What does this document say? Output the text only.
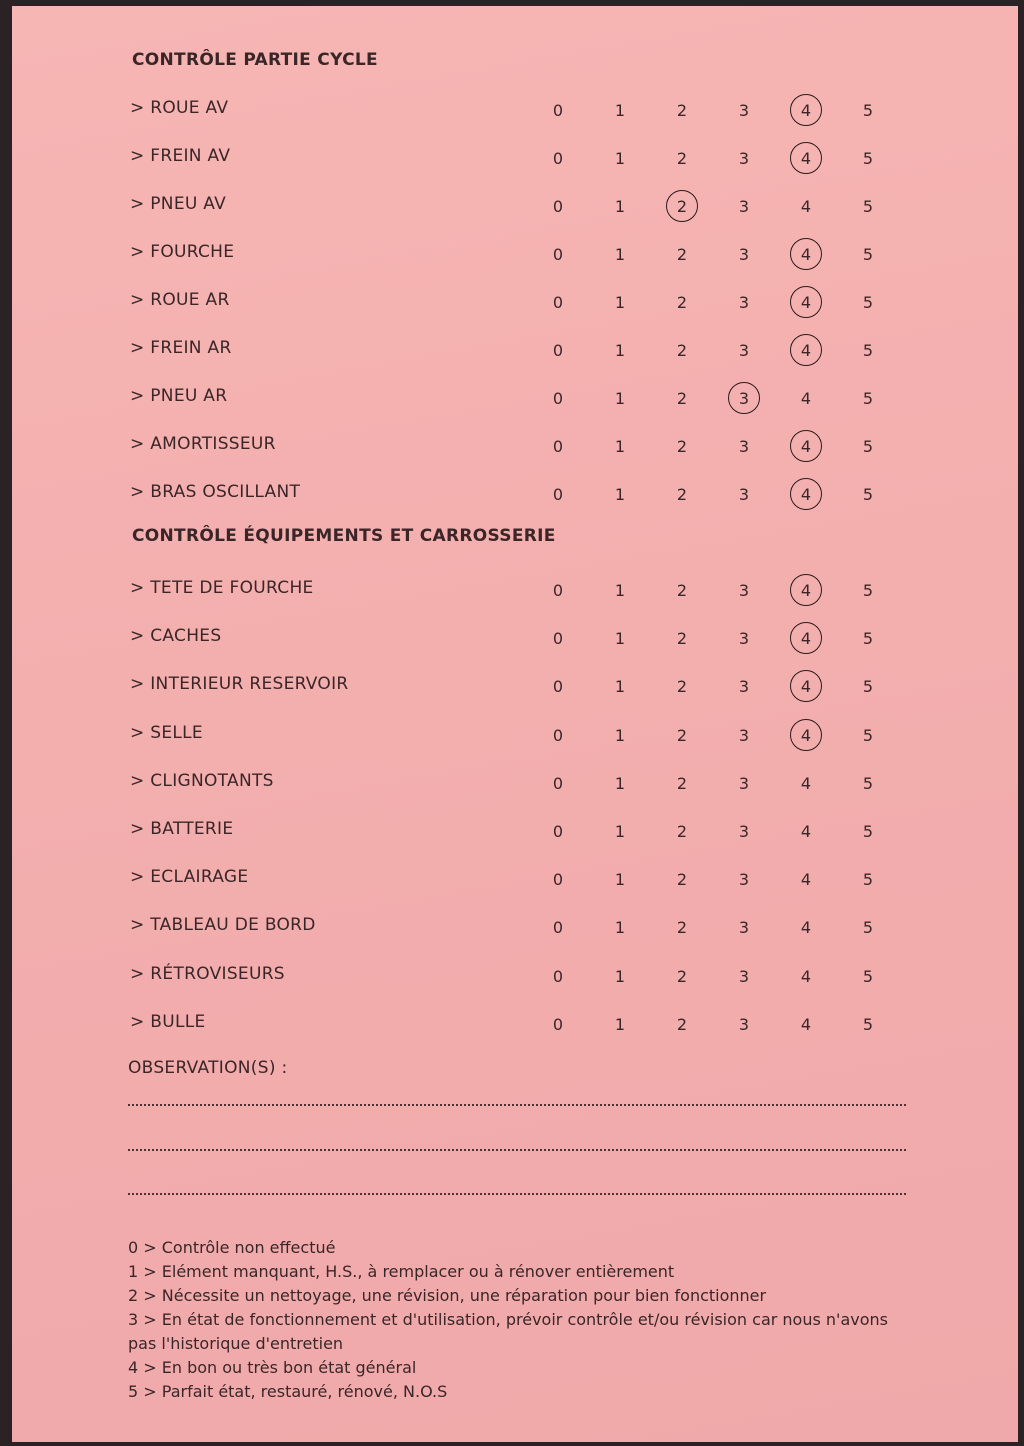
CONTRÔLE PARTIE CYCLE
> ROUE AV	0	1	2	3	4	5
> FREIN AV	0	1	2	3	4	5
> PNEU AV	0	1	2	3	4	5
> FOURCHE	0	1	2	3	4	5
> ROUE AR	0	1	2	3	4	5
> FREIN AR	0	1	2	3	4	5
> PNEU AR	0	1	2	3	4	5
> AMORTISSEUR	0	1	2	3	4	5
> BRAS OSCILLANT	0	1	2	3	4	5
CONTRÔLE ÉQUIPEMENTS ET CARROSSERIE
> TETE DE FOURCHE	0	1	2	3	4	5
> CACHES	0	1	2	3	4	5
> INTERIEUR RESERVOIR	0	1	2	3	4	5
> SELLE	0	1	2	3	4	5
> CLIGNOTANTS	0	1	2	3	4	5
> BATTERIE	0	1	2	3	4	5
> ECLAIRAGE	0	1	2	3	4	5
> TABLEAU DE BORD	0	1	2	3	4	5
> RÉTROVISEURS	0	1	2	3	4	5
> BULLE	0	1	2	3	4	5
OBSERVATION(S) :
0 > Contrôle non effectué
1 > Elément manquant, H.S., à remplacer ou à rénover entièrement
2 > Nécessite un nettoyage, une révision, une réparation pour bien fonctionner
3 > En état de fonctionnement et d'utilisation, prévoir contrôle et/ou révision car nous n'avons pas l'historique d'entretien
4 > En bon ou très bon état général
5 > Parfait état, restauré, rénové, N.O.S
